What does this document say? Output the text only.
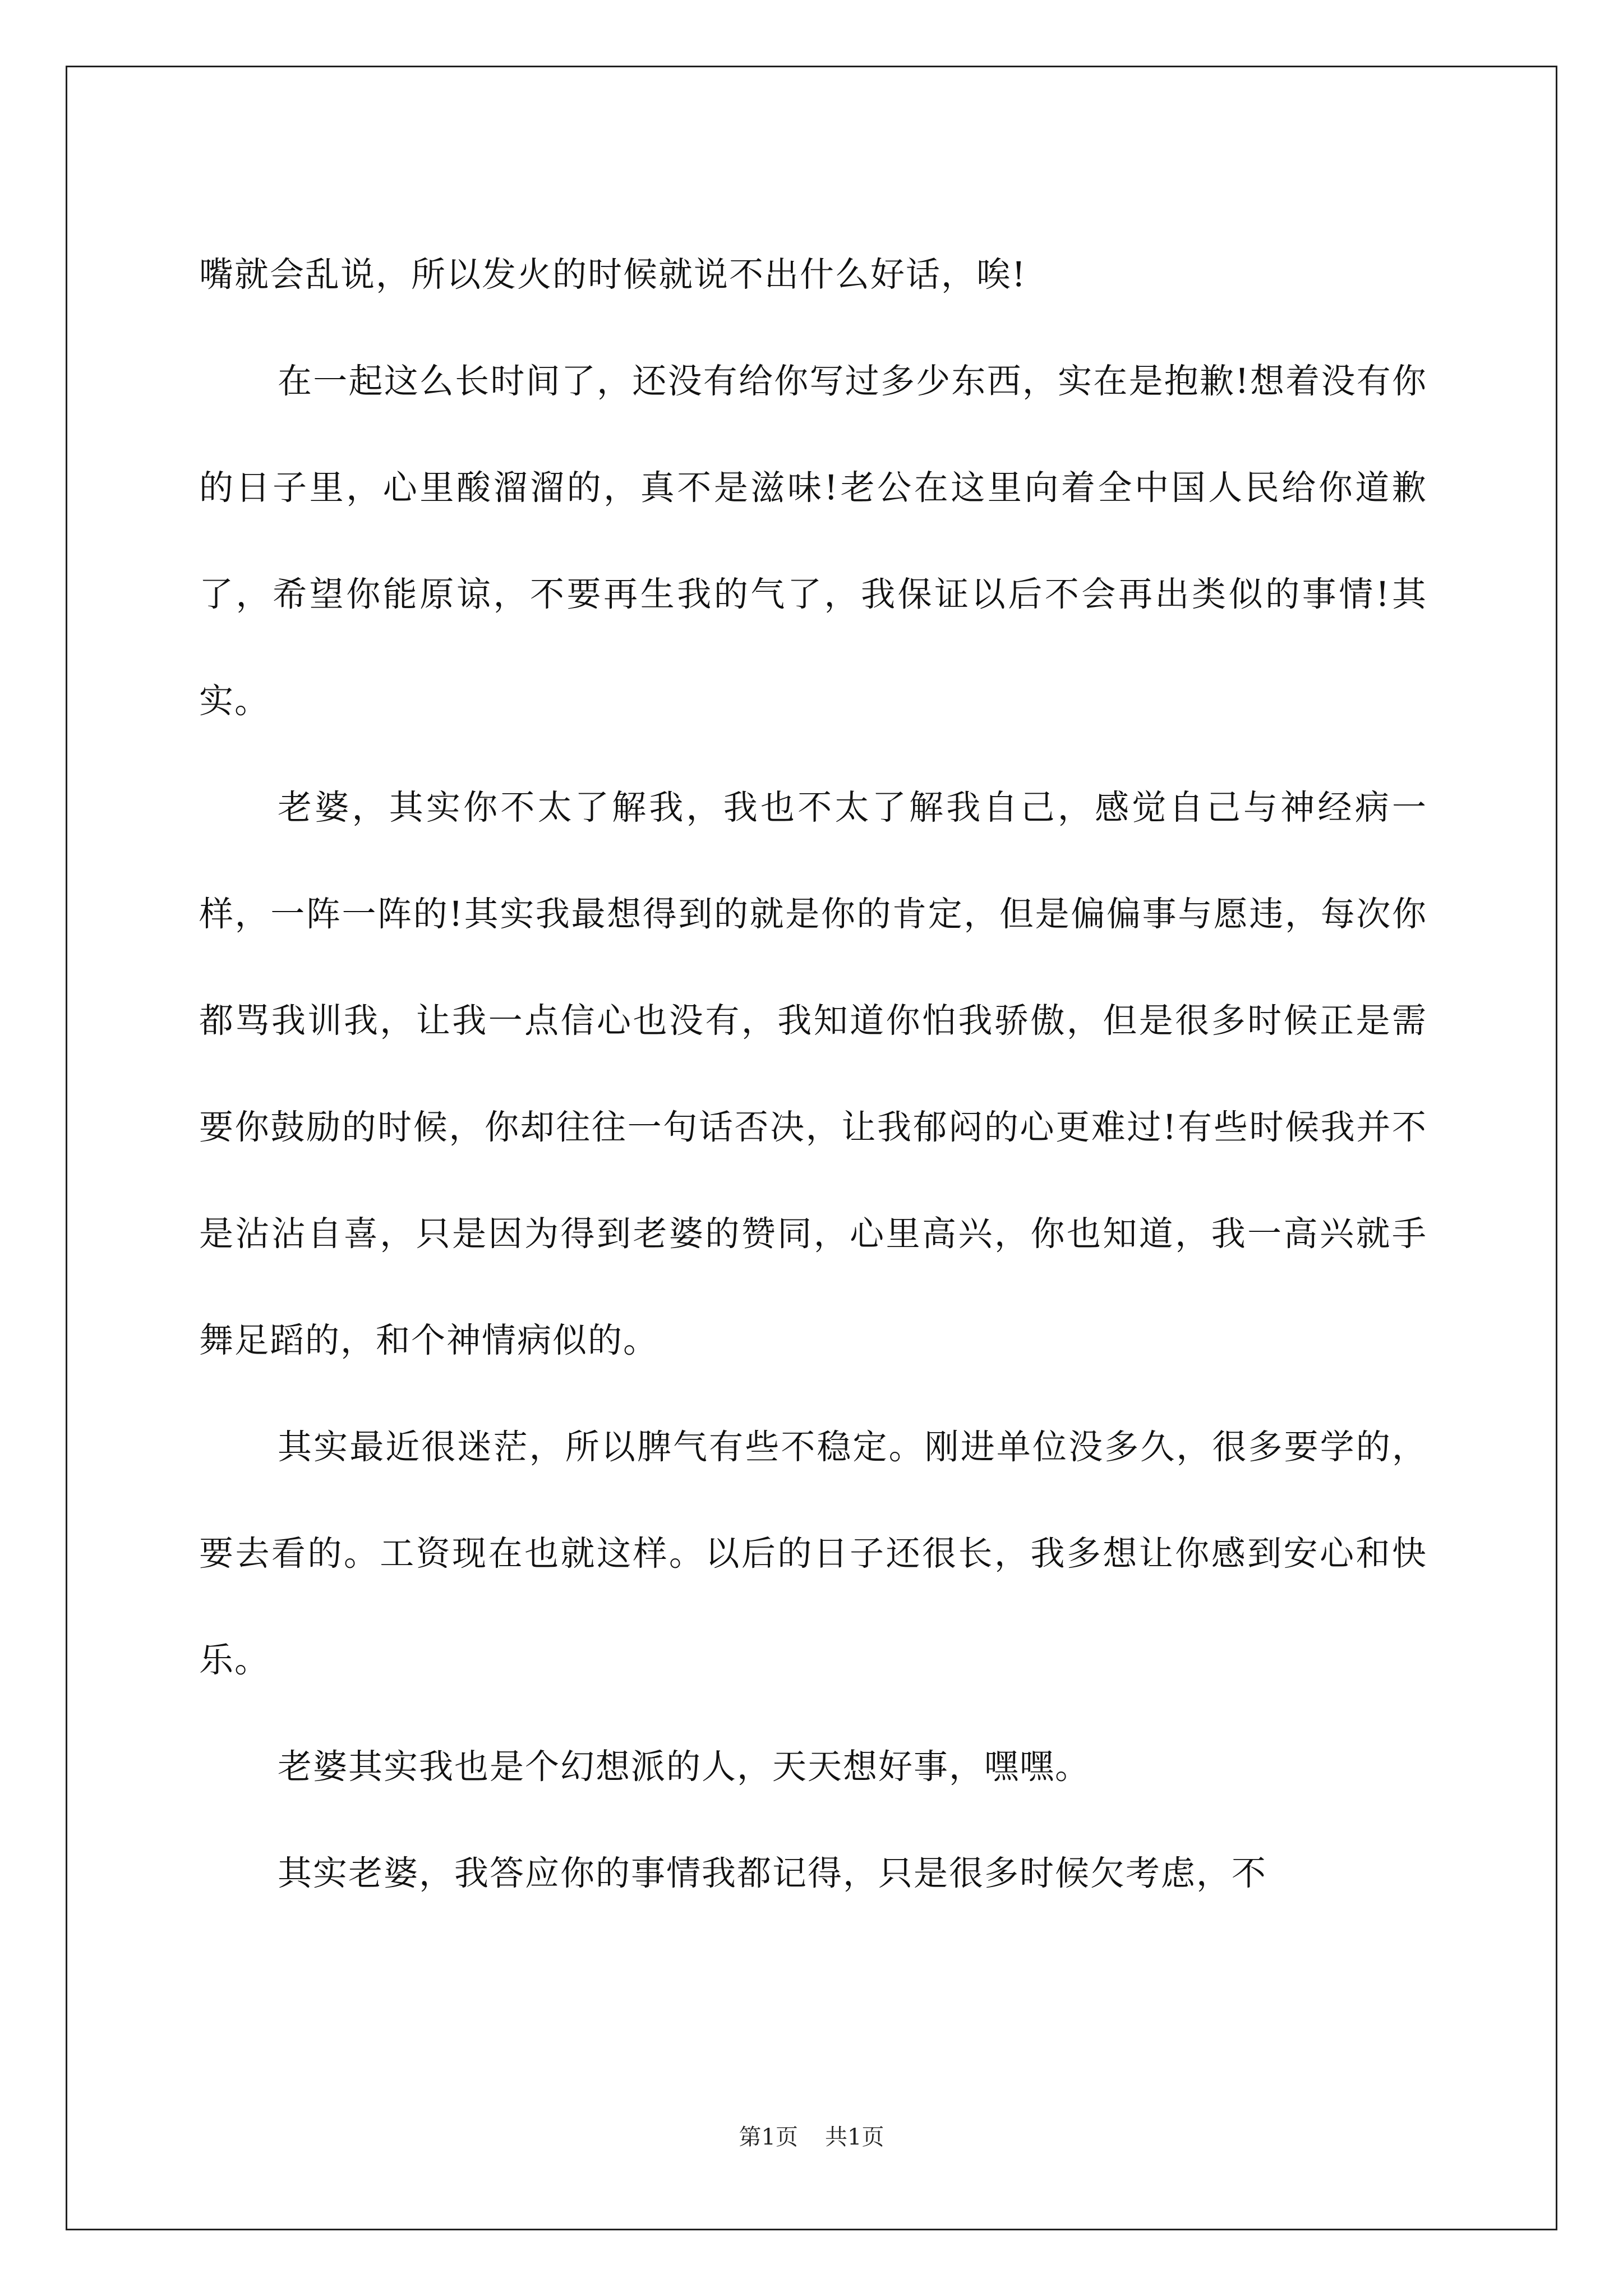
嘴就会乱说，所以发火的时候就说不出什么好话，唉!

在一起这么长时间了，还没有给你写过多少东西，实在是抱歉!想着没有你的日子里，心里酸溜溜的，真不是滋味!老公在这里向着全中国人民给你道歉了，希望你能原谅，不要再生我的气了，我保证以后不会再出类似的事情!其实。

老婆，其实你不太了解我，我也不太了解我自己，感觉自己与神经病一样，一阵一阵的!其实我最想得到的就是你的肯定，但是偏偏事与愿违，每次你都骂我训我，让我一点信心也没有，我知道你怕我骄傲，但是很多时候正是需要你鼓励的时候，你却往往一句话否决，让我郁闷的心更难过!有些时候我并不是沾沾自喜，只是因为得到老婆的赞同，心里高兴，你也知道，我一高兴就手舞足蹈的，和个神情病似的。

其实最近很迷茫，所以脾气有些不稳定。刚进单位没多久，很多要学的，要去看的。工资现在也就这样。以后的日子还很长，我多想让你感到安心和快乐。

老婆其实我也是个幻想派的人，天天想好事，嘿嘿。

其实老婆，我答应你的事情我都记得，只是很多时候欠考虑，不

第1页 共1页
